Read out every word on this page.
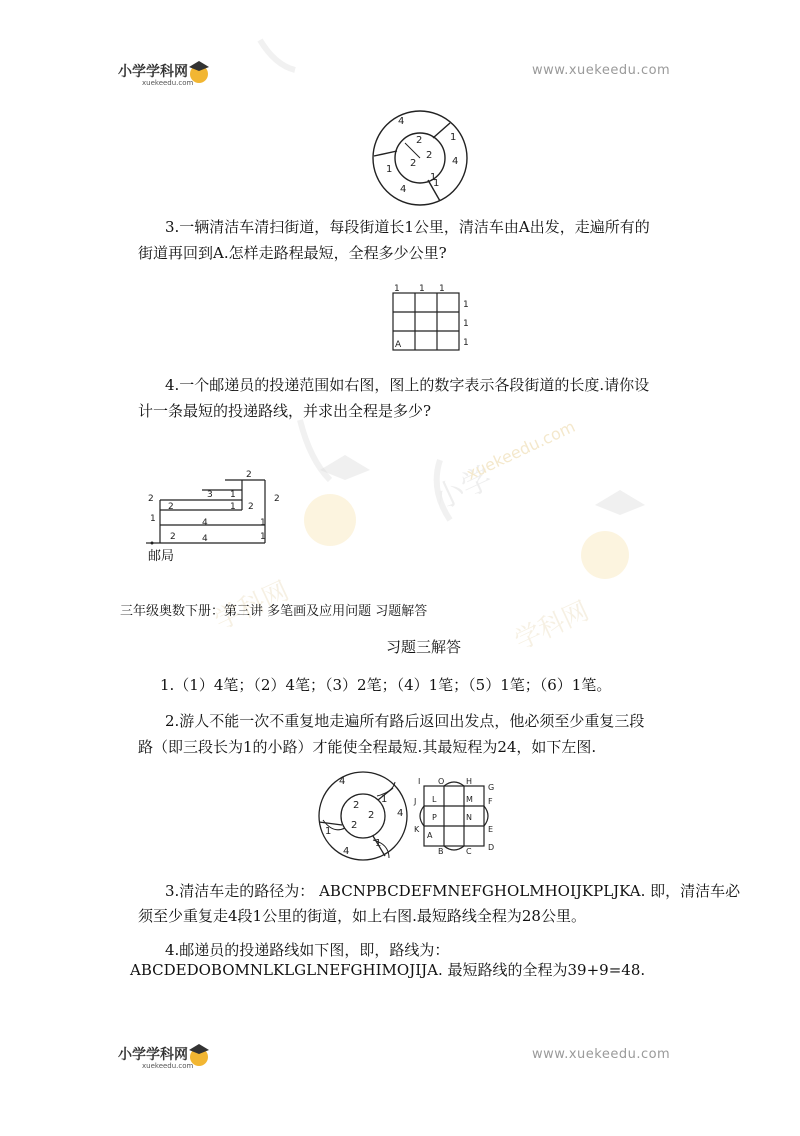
小学
xuekeedu.com
学科网
学科网
小学学科网
xuekeedu.com
www.xuekeedu.com
4
2	1
2
2
1
4
1
1
4
3.一辆清洁车清扫街道，每段街道长1公里，清洁车由A出发，走遍所有的
街道再回到A.怎样走路程最短，全程多少公里?
1 1 1
1
1
1
A
4.一个邮递员的投递范围如右图，图上的数字表示各段街道的长度.请你设
计一条最短的投递路线，并求出全程是多少?
2
3 1	2
2
2	1 2
1	4	1
1
2	4
邮局
三年级奥数下册：第三讲 多笔画及应用问题 习题解答
习题三解答
1.（1）4笔；（2）4笔；（3）2笔；（4）1笔；（5）1笔；（6）1笔。
2.游人不能一次不重复地走遍所有路后返回出发点，他必须至少重复三段
路（即三段长为1的小路）才能使全程最短.其最短程为24，如下左图.
4
2
2
2
1
1
4
1
4
I O	H
G
J L	M F
K
P	N
E
A
B	C D
3.清洁车走的路径为： ABCNPBCDEFMNEFGHOLMHOIJKPLJKA. 即，清洁车必
须至少重复走4段1公里的街道，如上右图.最短路线全程为28公里。
4.邮递员的投递路线如下图，即，路线为：
ABCDEDOBOMNLKLGLNEFGHIMOJIJA. 最短路线的全程为39+9=48.
小学学科网
xuekeedu.com
www.xuekeedu.com
